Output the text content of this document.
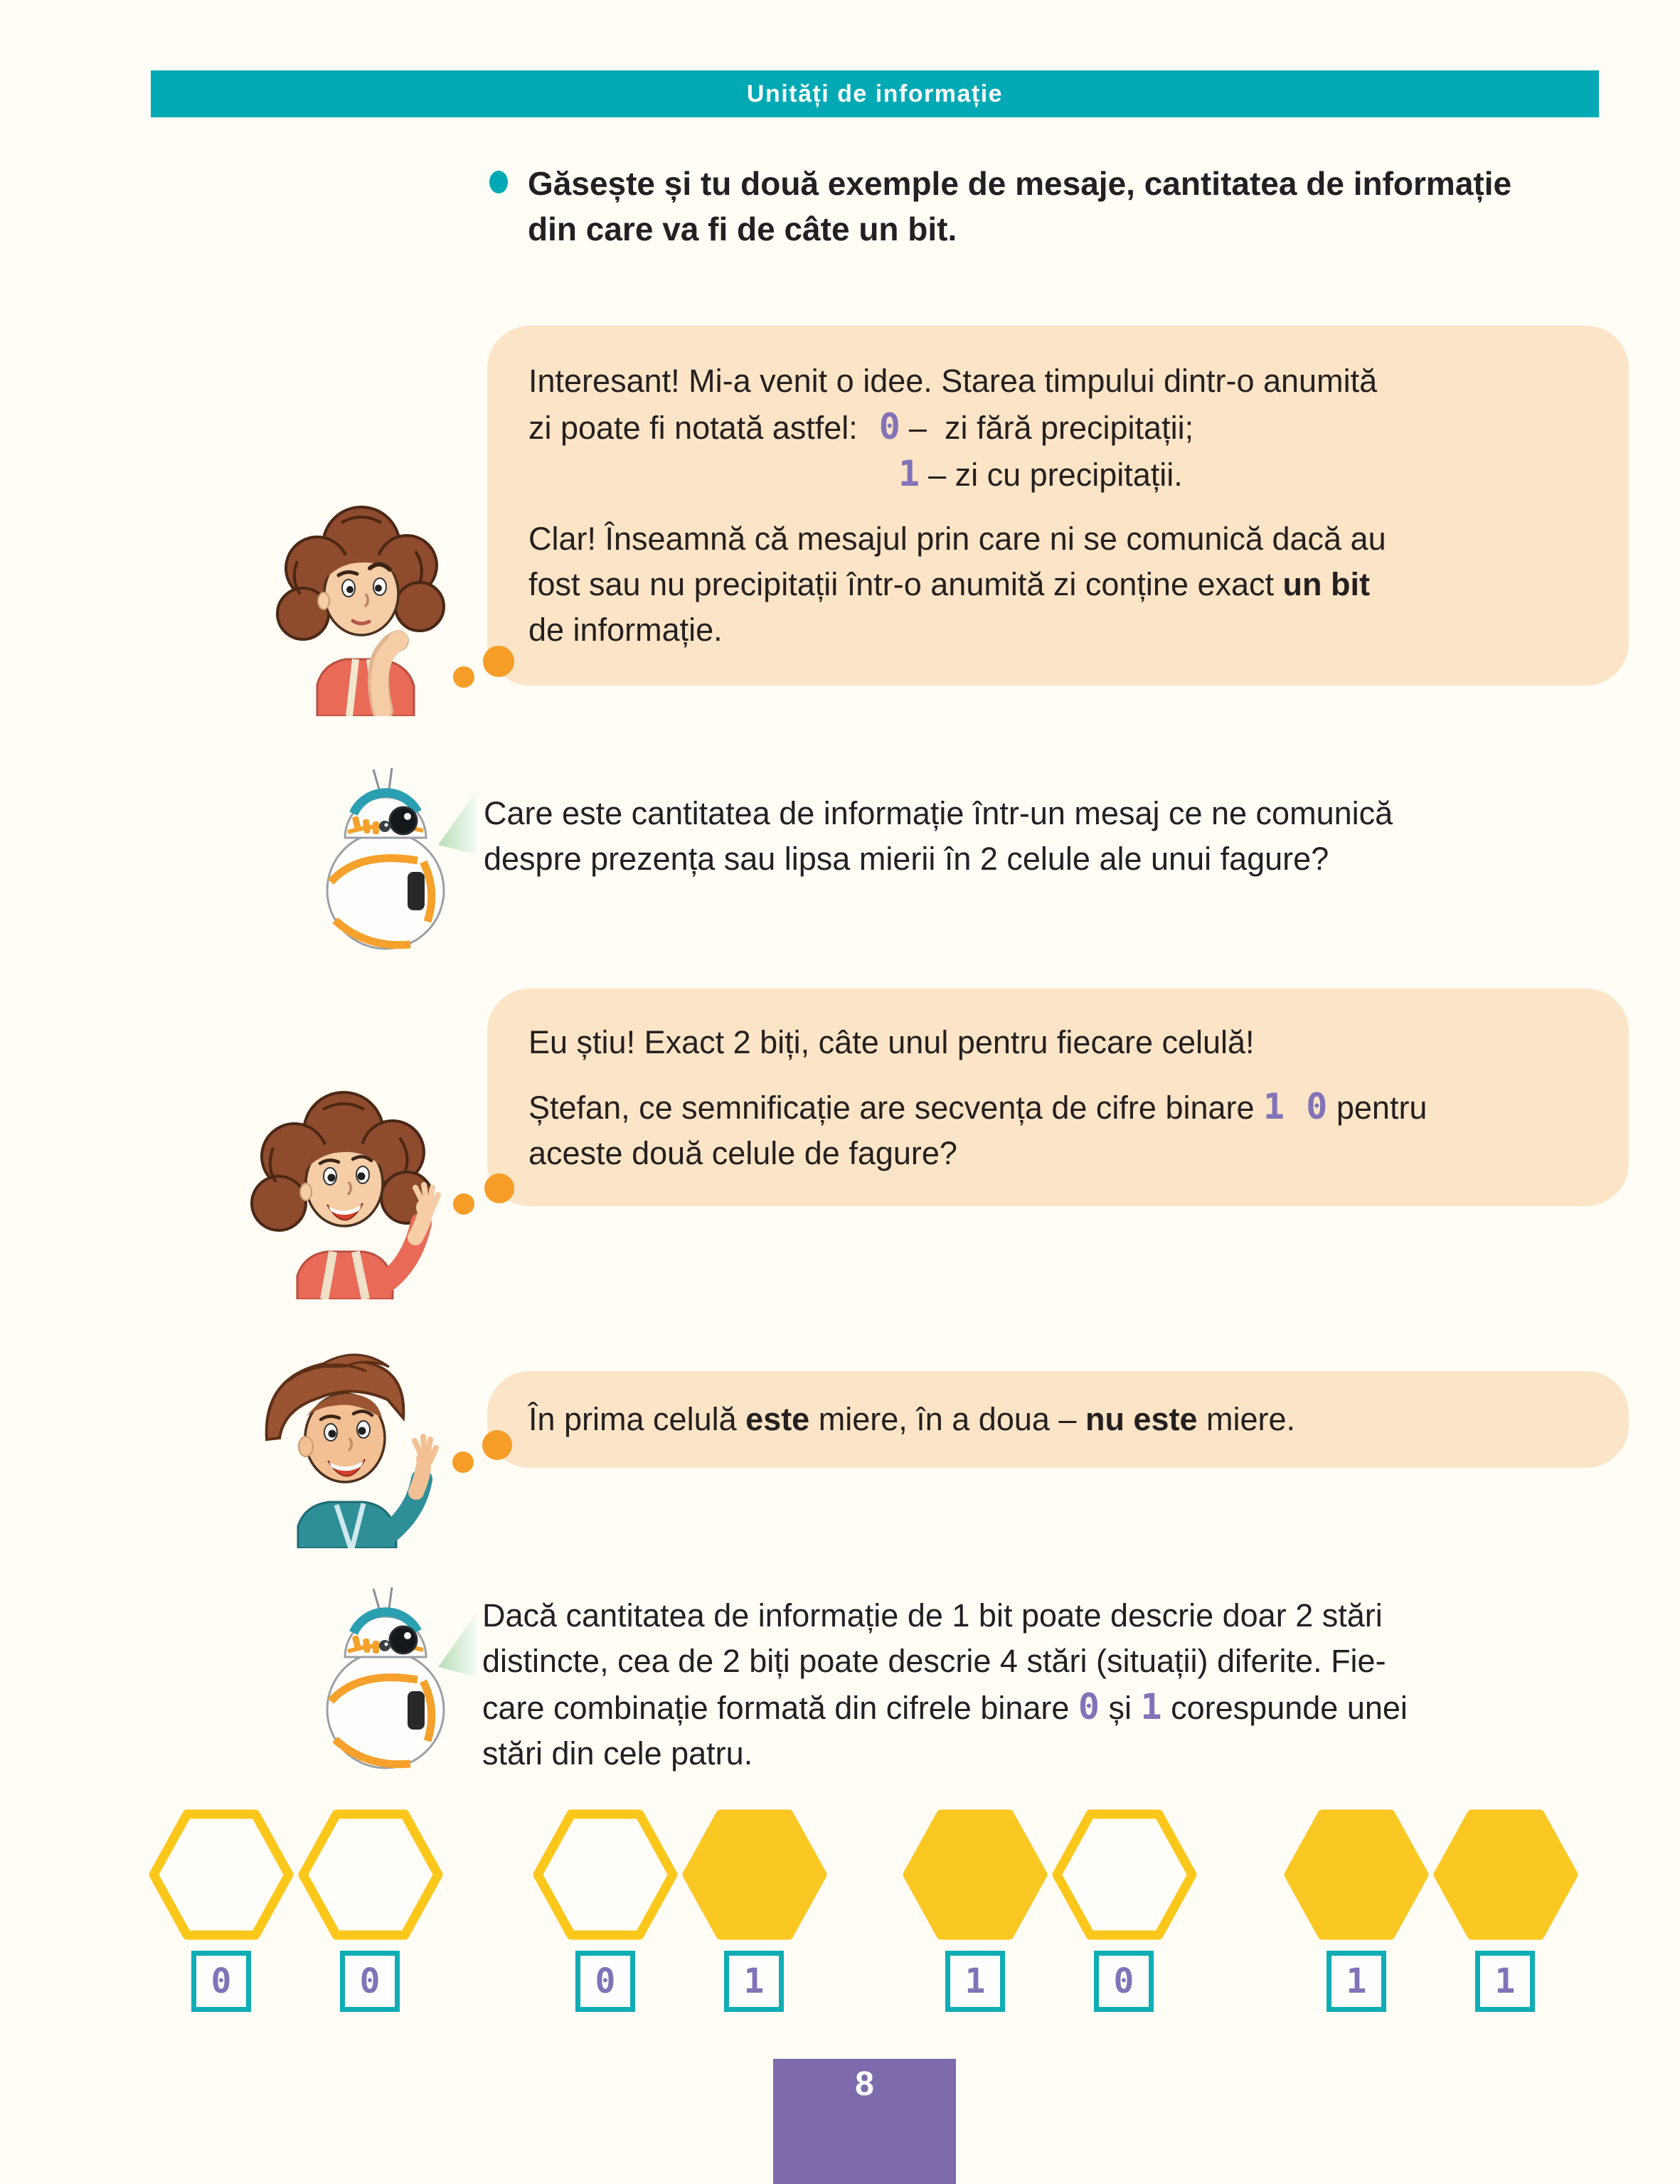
Unități de informație
Găsește și tu două exemple de mesaje, cantitatea de informație
din care va fi de câte un bit.
Interesant! Mi-a venit o idee. Starea timpului dintr-o anumită
zi poate fi notată astfel: 0 –  zi fără precipitații;
1 – zi cu precipitații.
Clar! Înseamnă că mesajul prin care ni se comunică dacă au
fost sau nu precipitații într-o anumită zi conține exact un bit
de informație.
Care este cantitatea de informație într-un mesaj ce ne comunică
despre prezența sau lipsa mierii în 2 celule ale unui fagure?
Eu știu! Exact 2 biți, câte unul pentru fiecare celulă!
Ștefan, ce semnificație are secvența de cifre binare 1 0 pentru
aceste două celule de fagure?
În prima celulă este miere, în a doua – nu este miere.
Dacă cantitatea de informație de 1 bit poate descrie doar 2 stări
distincte, cea de 2 biți poate descrie 4 stări (situații) diferite. Fie-
care combinație formată din cifrele binare 0 și 1 corespunde unei
stări din cele patru.
0	0	0	1	1	0	1	1
8
